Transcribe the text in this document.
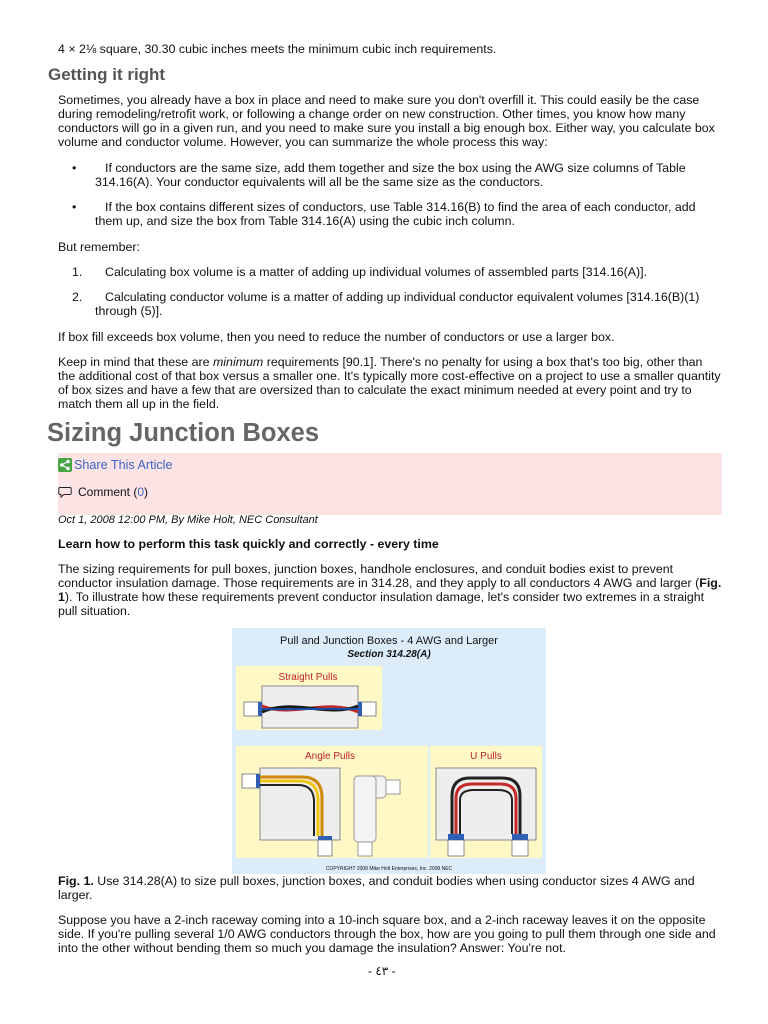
4 × 2⅛ square, 30.30 cubic inches meets the minimum cubic inch requirements.

Getting it right

Sometimes, you already have a box in place and need to make sure you don't overfill it. This could easily be the case during remodeling/retrofit work, or following a change order on new construction. Other times, you know how many conductors will go in a given run, and you need to make sure you install a big enough box. Either way, you calculate box volume and conductor volume. However, you can summarize the whole process this way:

•	If conductors are the same size, add them together and size the box using the AWG size columns of Table 314.16(A). Your conductor equivalents will all be the same size as the conductors.

•	If the box contains different sizes of conductors, use Table 314.16(B) to find the area of each conductor, add them up, and size the box from Table 314.16(A) using the cubic inch column.

But remember:

1.	Calculating box volume is a matter of adding up individual volumes of assembled parts [314.16(A)].

2.	Calculating conductor volume is a matter of adding up individual conductor equivalent volumes [314.16(B)(1) through (5)].

If box fill exceeds box volume, then you need to reduce the number of conductors or use a larger box.

Keep in mind that these are minimum requirements [90.1]. There's no penalty for using a box that's too big, other than the additional cost of that box versus a smaller one. It's typically more cost-effective on a project to use a smaller quantity of box sizes and have a few that are oversized than to calculate the exact minimum needed at every point and try to match them all up in the field.

Sizing Junction Boxes
Share This Article
Comment ( 0 )

Oct 1, 2008 12:00 PM, By Mike Holt, NEC Consultant

Learn how to perform this task quickly and correctly - every time

The sizing requirements for pull boxes, junction boxes, handhole enclosures, and conduit bodies exist to prevent conductor insulation damage. Those requirements are in 314.28, and they apply to all conductors 4 AWG and larger (Fig. 1). To illustrate how these requirements prevent conductor insulation damage, let's consider two extremes in a straight pull situation.

Pull and Junction Boxes - 4 AWG and Larger
Section 314.28(A)
Straight Pulls
Angle Pulls	U Pulls
COPYRIGHT 2008 Mike Holt Enterprises, Inc. 2008 NEC

Fig. 1. Use 314.28(A) to size pull boxes, junction boxes, and conduit bodies when using conductor sizes 4 AWG and larger.

Suppose you have a 2-inch raceway coming into a 10-inch square box, and a 2-inch raceway leaves it on the opposite side. If you're pulling several 1/0 AWG conductors through the box, how are you going to pull them through one side and into the other without bending them so much you damage the insulation? Answer: You're not.

- ٤٣ -
